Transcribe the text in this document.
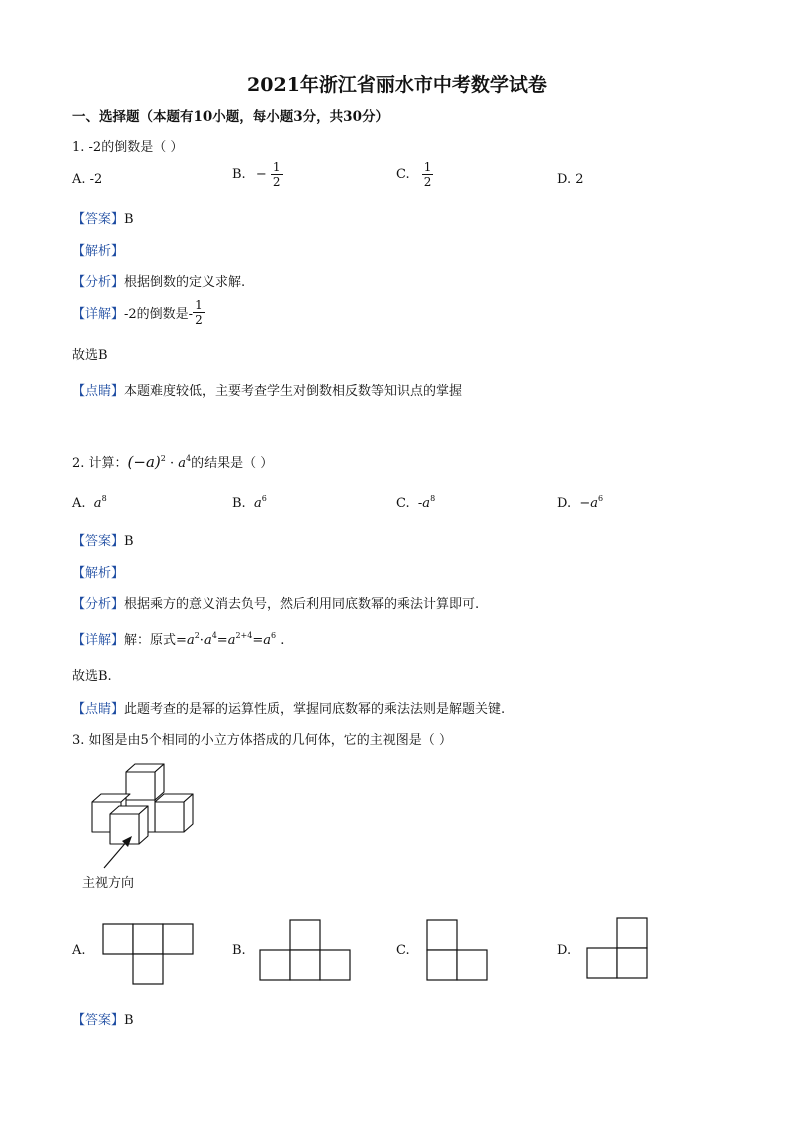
2021年浙江省丽水市中考数学试卷
一、选择题（本题有10小题，每小题3分，共30分）
1. -2的倒数是（ ）
A. -2	B. − $\frac{1}{2}$	C. $\frac{1}{2}$	D. 2
【答案】B
【解析】
【分析】根据倒数的定义求解.
【详解】-2的倒数是- $\frac{1}{2}$
故选B
【点睛】本题难度较低，主要考查学生对倒数相反数等知识点的掌握
2. 计算：$(-a)^2 \cdot a^4$的结果是（ ）
A. $a^8$	B. $a^6$	C. $-a^8$	D. $-a^6$
【答案】B
【解析】
【分析】根据乘方的意义消去负号，然后利用同底数幂的乘法计算即可.
【详解】解：原式$=a^2\cdot a^4=a^{2+4}=a^6$ .
故选B.
【点睛】此题考查的是幂的运算性质，掌握同底数幂的乘法法则是解题关键.
3. 如图是由5个相同的小立方体搭成的几何体，它的主视图是（ ）
主视方向
A.	B.	C.	D.
【答案】B
